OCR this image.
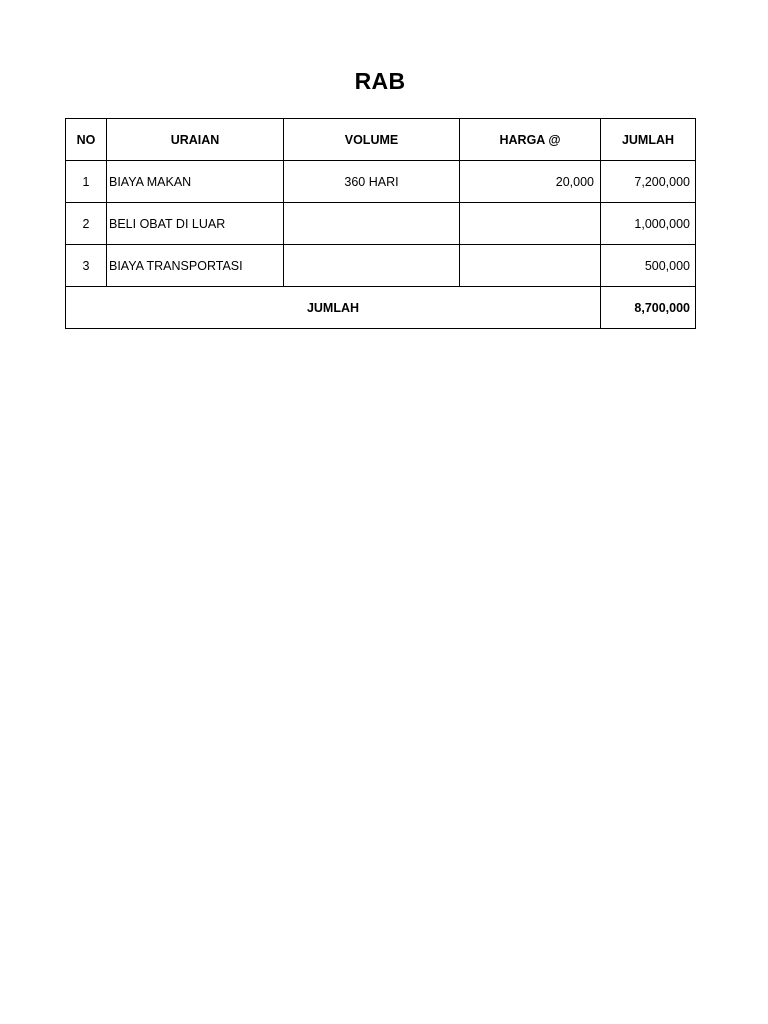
RAB
NO	URAIAN	VOLUME	HARGA @	JUMLAH
1	BIAYA MAKAN	360 HARI	20,000	7,200,000
2	BELI OBAT DI LUAR			1,000,000
3	BIAYA TRANSPORTASI			500,000
JUMLAH				8,700,000
